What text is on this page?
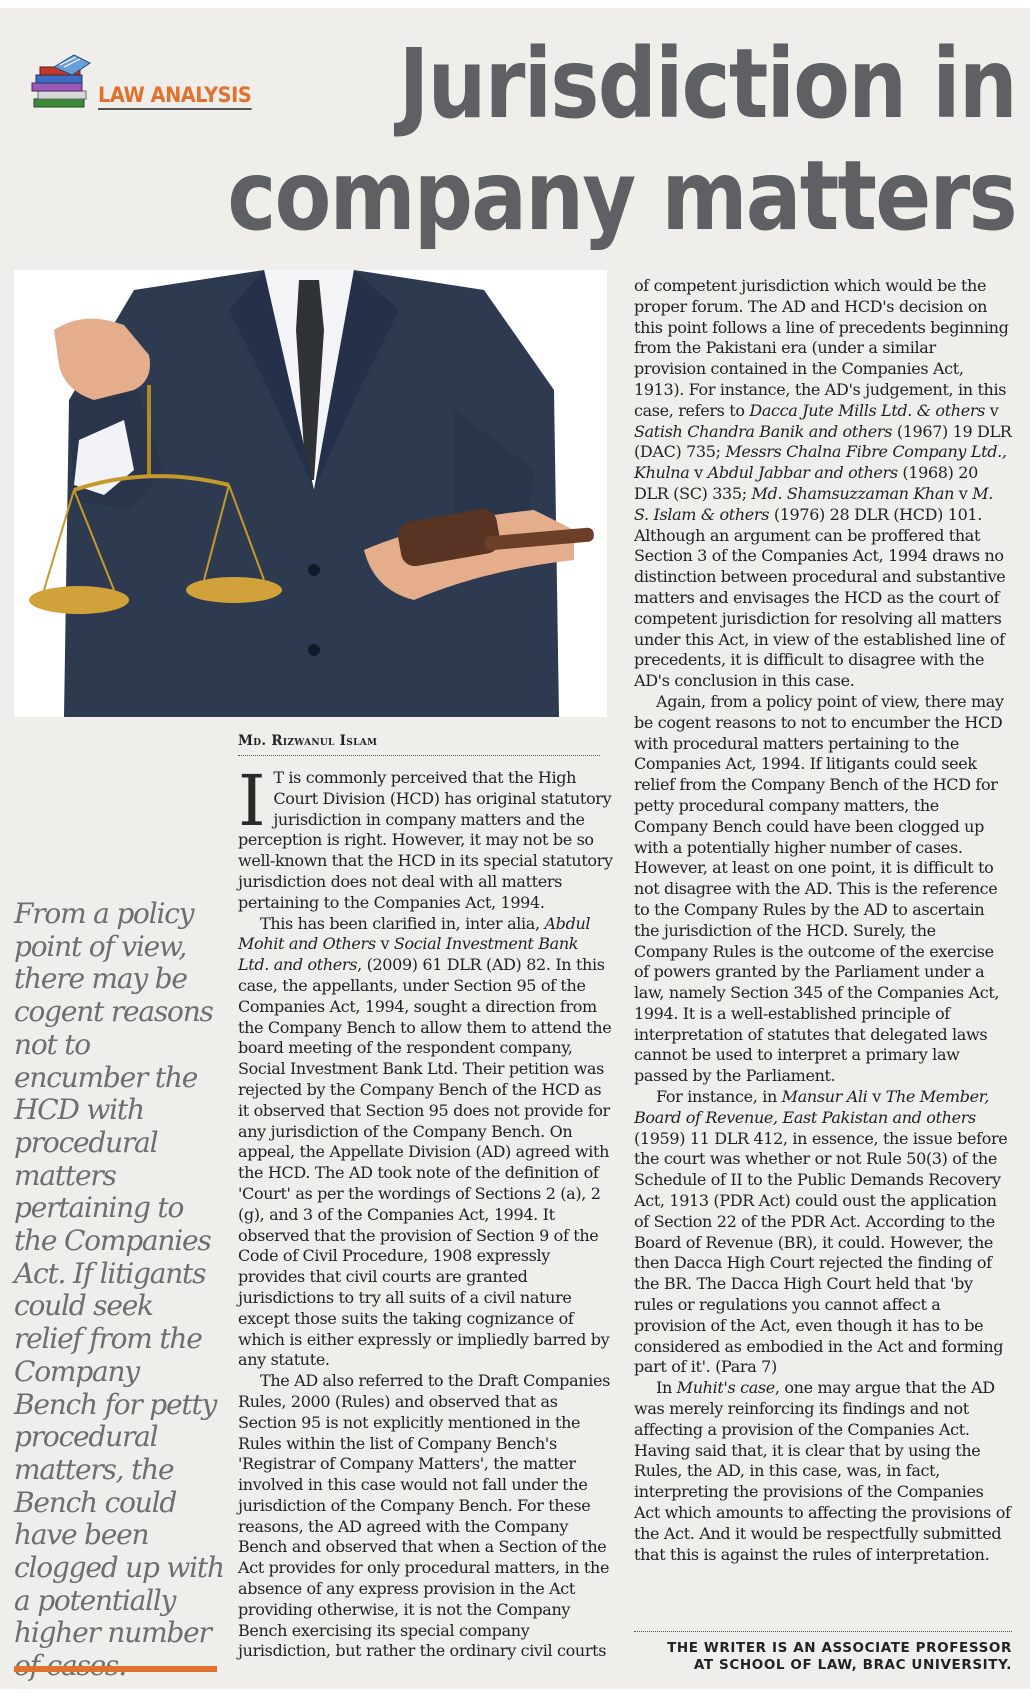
LAW ANALYSIS	Jurisdiction in
company matters

From a policy point of view, there may be cogent reasons not to encumber the HCD with procedural matters pertaining to the Companies Act. If litigants could seek relief from the Company Bench for petty procedural matters, the Bench could have been clogged up with a potentially higher number

Md. Rizwanul Islam

I T is commonly perceived that the High Court Division (HCD) has original statutory jurisdiction in company matters and the perception is right. However, it may not be so well-known that the HCD in its special statutory jurisdiction does not deal with all matters pertaining to the Companies Act, 1994.

This has been clarified in, inter alia, Abdul Mohit and Others v Social Investment Bank Ltd. and others, (2009) 61 DLR (AD) 82. In this case, the appellants, under Section 95 of the Companies Act, 1994, sought a direction from the Company Bench to allow them to attend the board meeting of the respondent company, Social Investment Bank Ltd. Their petition was rejected by the Company Bench of the HCD as it observed that Section 95 does not provide for any jurisdiction of the Company Bench. On appeal, the Appellate Division (AD) agreed with the HCD. The AD took note of the definition of 'Court' as per the wordings of Sections 2 (a), 2 (g), and 3 of the Companies Act, 1994. It observed that the provision of Section 9 of the Code of Civil Procedure, 1908 expressly provides that civil courts are granted jurisdictions to try all suits of a civil nature except those suits the taking cognizance of which is either expressly or impliedly barred by any statute.

The AD also referred to the Draft Companies Rules, 2000 (Rules) and observed that as Section 95 is not explicitly mentioned in the Rules within the list of Company Bench's 'Registrar of Company Matters', the matter involved in this case would not fall under the jurisdiction of the Company Bench. For these reasons, the AD agreed with the Company Bench and observed that when a Section of the Act provides for only procedural matters, in the absence of any express provision in the Act providing otherwise, it is not the Company Bench exercising its special company jurisdiction, but rather the ordinary civil courts

of competent jurisdiction which would be the proper forum. The AD and HCD's decision on this point follows a line of precedents beginning from the Pakistani era (under a similar provision contained in the Companies Act, 1913). For instance, the AD's judgement, in this case, refers to Dacca Jute Mills Ltd. & others v Satish Chandra Banik and others (1967) 19 DLR (DAC) 735; Messrs Chalna Fibre Company Ltd., Khulna v Abdul Jabbar and others (1968) 20 DLR (SC) 335; Md. Shamsuzzaman Khan v M. S. Islam & others (1976) 28 DLR (HCD) 101. Although an argument can be proffered that Section 3 of the Companies Act, 1994 draws no distinction between procedural and substantive matters and envisages the HCD as the court of competent jurisdiction for resolving all matters under this Act, in view of the established line of precedents, it is difficult to disagree with the AD's conclusion in this case.

Again, from a policy point of view, there may be cogent reasons to not to encumber the HCD with procedural matters pertaining to the Companies Act, 1994. If litigants could seek relief from the Company Bench of the HCD for petty procedural company matters, the Company Bench could have been clogged up with a potentially higher number of cases. However, at least on one point, it is difficult to not disagree with the AD. This is the reference to the Company Rules by the AD to ascertain the jurisdiction of the HCD. Surely, the Company Rules is the outcome of the exercise of powers granted by the Parliament under a law, namely Section 345 of the Companies Act, 1994. It is a well-established principle of interpretation of statutes that delegated laws cannot be used to interpret a primary law passed by the Parliament.

For instance, in Mansur Ali v The Member, Board of Revenue, East Pakistan and others (1959) 11 DLR 412, in essence, the issue before the court was whether or not Rule 50(3) of the Schedule of II to the Public Demands Recovery Act, 1913 (PDR Act) could oust the application of Section 22 of the PDR Act. According to the Board of Revenue (BR), it could. However, the then Dacca High Court rejected the finding of the BR. The Dacca High Court held that 'by rules or regulations you cannot affect a provision of the Act, even though it has to be considered as embodied in the Act and forming part of it'. (Para 7)

In Muhit's case, one may argue that the AD was merely reinforcing its findings and not affecting a provision of the Companies Act. Having said that, it is clear that by using the Rules, the AD, in this case, was, in fact, interpreting the provisions of the Companies Act which amounts to affecting the provisions of the Act. And it would be respectfully submitted that this is against the rules of interpretation.

THE WRITER IS AN ASSOCIATE PROFESSOR
AT SCHOOL OF LAW, BRAC UNIVERSITY.
